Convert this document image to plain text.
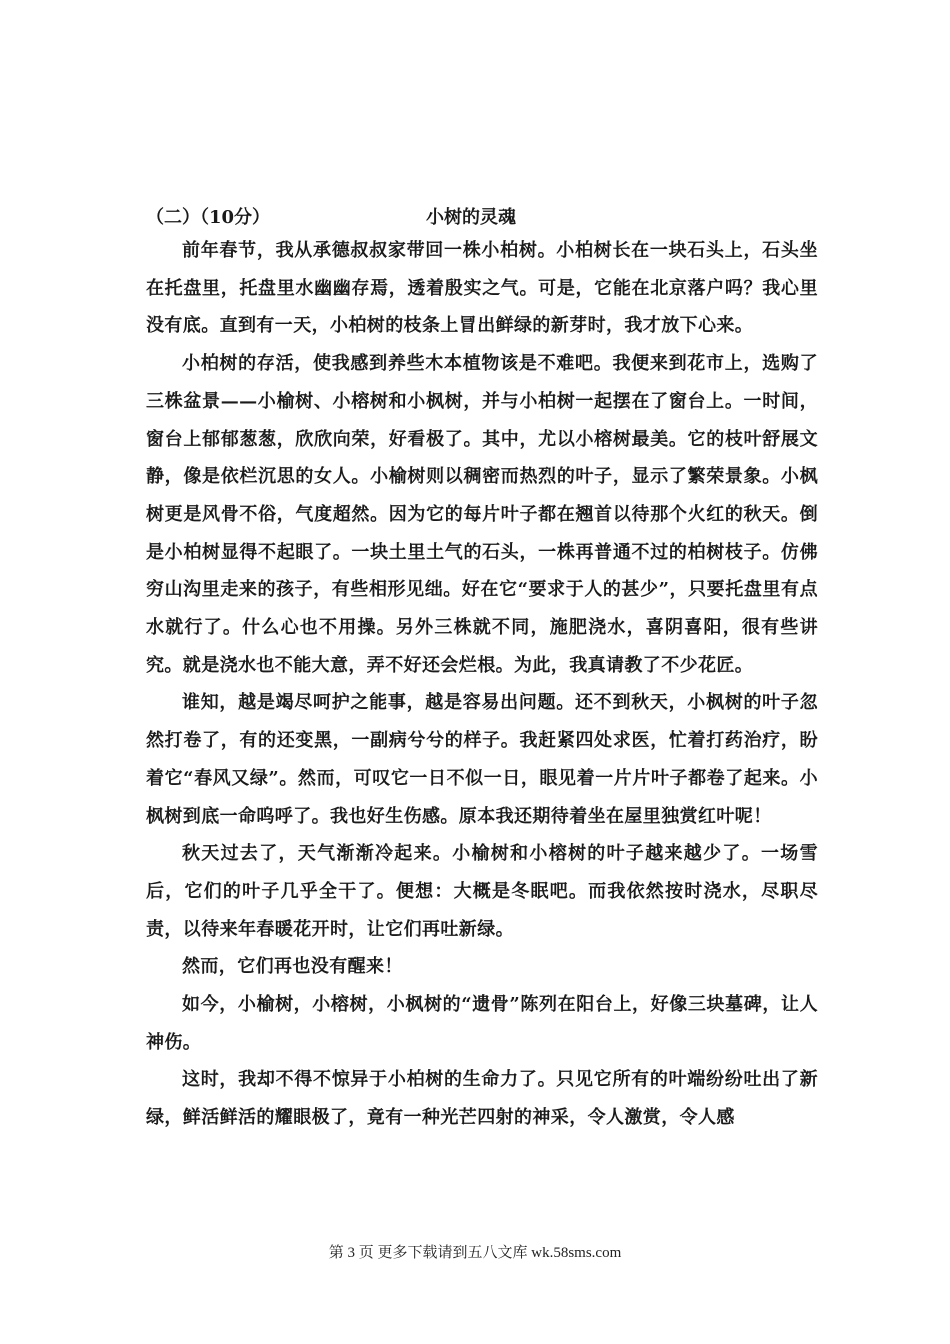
（二）（10分）	小树的灵魂

前年春节，我从承德叔叔家带回一株小柏树。小柏树长在一块石头上，石头坐在托盘里，托盘里水幽幽存焉，透着殷实之气。可是，它能在北京落户吗？我心里没有底。直到有一天，小柏树的枝条上冒出鲜绿的新芽时，我才放下心来。

小柏树的存活，使我感到养些木本植物该是不难吧。我便来到花市上，选购了三株盆景——小榆树、小榕树和小枫树，并与小柏树一起摆在了窗台上。一时间，窗台上郁郁葱葱，欣欣向荣，好看极了。其中，尤以小榕树最美。它的枝叶舒展文静，像是依栏沉思的女人。小榆树则以稠密而热烈的叶子，显示了繁荣景象。小枫树更是风骨不俗，气度超然。因为它的每片叶子都在翘首以待那个火红的秋天。倒是小柏树显得不起眼了。一块土里土气的石头，一株再普通不过的柏树枝子。仿佛穷山沟里走来的孩子，有些相形见绌。好在它“要求于人的甚少”，只要托盘里有点水就行了。什么心也不用操。另外三株就不同，施肥浇水，喜阴喜阳，很有些讲究。就是浇水也不能大意，弄不好还会烂根。为此，我真请教了不少花匠。

谁知，越是竭尽呵护之能事，越是容易出问题。还不到秋天，小枫树的叶子忽然打卷了，有的还变黑，一副病兮兮的样子。我赶紧四处求医，忙着打药治疗，盼着它“春风又绿”。然而，可叹它一日不似一日，眼见着一片片叶子都卷了起来。小枫树到底一命呜呼了。我也好生伤感。原本我还期待着坐在屋里独赏红叶呢！

秋天过去了，天气渐渐冷起来。小榆树和小榕树的叶子越来越少了。一场雪后，它们的叶子几乎全干了。便想：大概是冬眠吧。而我依然按时浇水，尽职尽责，以待来年春暖花开时，让它们再吐新绿。

然而，它们再也没有醒来！

如今，小榆树，小榕树，小枫树的“遗骨”陈列在阳台上，好像三块墓碑，让人神伤。

这时，我却不得不惊异于小柏树的生命力了。只见它所有的叶端纷纷吐出了新绿，鲜活鲜活的耀眼极了，竟有一种光芒四射的神采，令人激赏，令人感

第 3 页 更多下载请到五八文库 wk.58sms.com
